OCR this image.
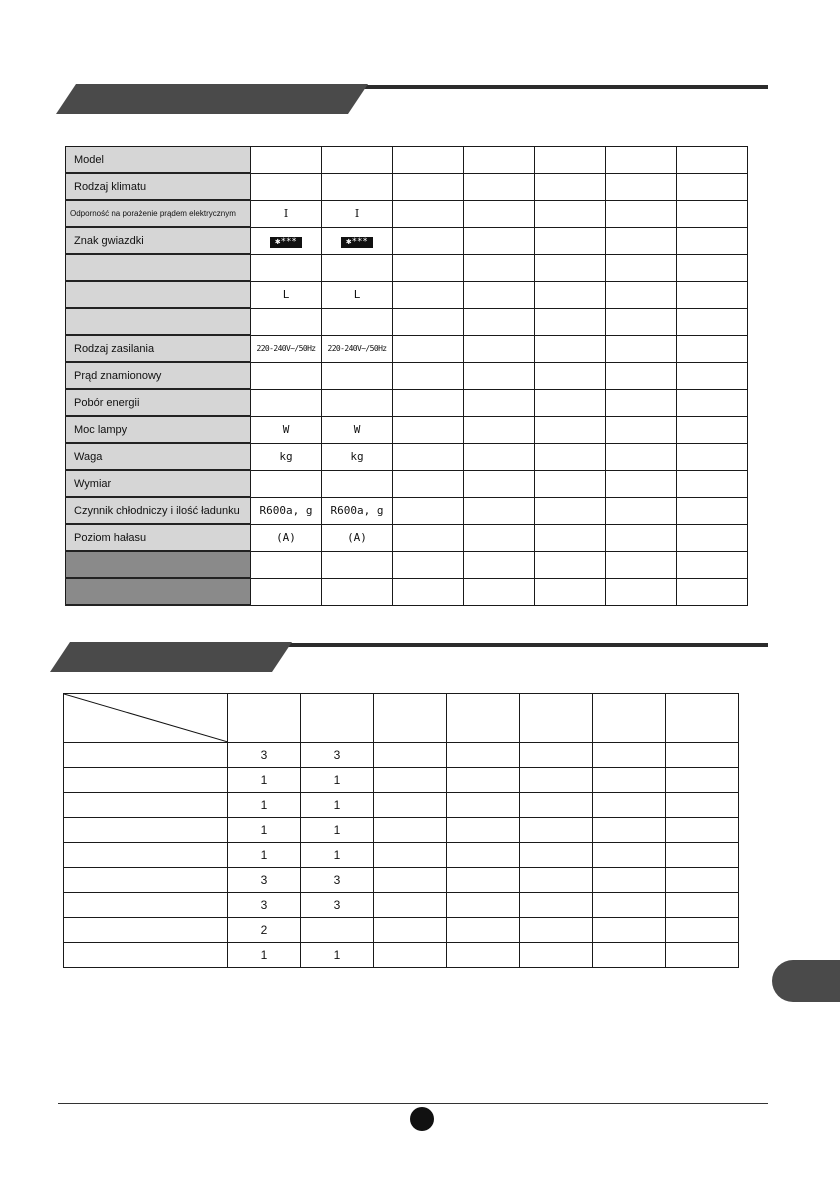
Model							
Rodzaj klimatu							
Odporność na porażenie prądem elektrycznym	I	I					
Znak gwiazdki	✱***	✱***					

	L	L					

Rodzaj zasilania	220-240V~/50Hz	220-240V~/50Hz					
Prąd znamionowy							
Pobór energii							
Moc lampy	W	W					
Waga	kg	kg					
Wymiar							
Czynnik chłodniczy i ilość ładunku	R600a, g	R600a, g					
Poziom hałasu	(A)	(A)					

	3	3					
	1	1					
	1	1					
	1	1					
	1	1					
	3	3					
	3	3					
	2						
	1	1					
